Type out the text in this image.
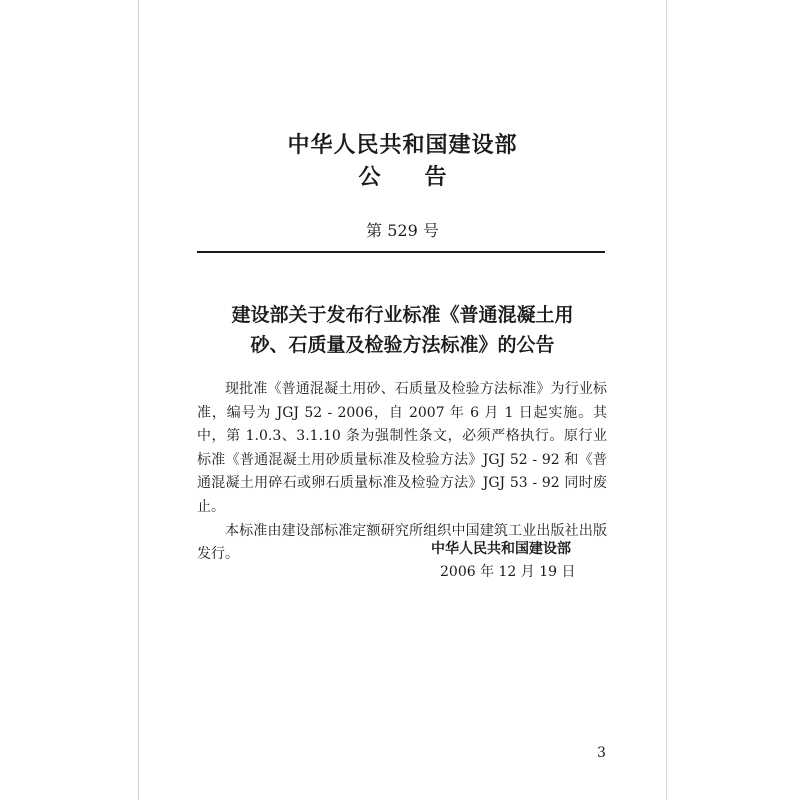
中华人民共和国建设部
公告

第 529 号

建设部关于发布行业标准《普通混凝土用
砂、石质量及检验方法标准》的公告

现批准《普通混凝土用砂、石质量及检验方法标准》为行业标准，编号为 JGJ 52 - 2006，自 2007 年 6 月 1 日起实施。其中，第 1.0.3、3.1.10 条为强制性条文，必须严格执行。原行业标准《普通混凝土用砂质量标准及检验方法》JGJ 52 - 92 和《普通混凝土用碎石或卵石质量标准及检验方法》JGJ 53 - 92 同时废止。

本标准由建设部标准定额研究所组织中国建筑工业出版社出版发行。	中华人民共和国建设部

2006 年 12 月 19 日

3
